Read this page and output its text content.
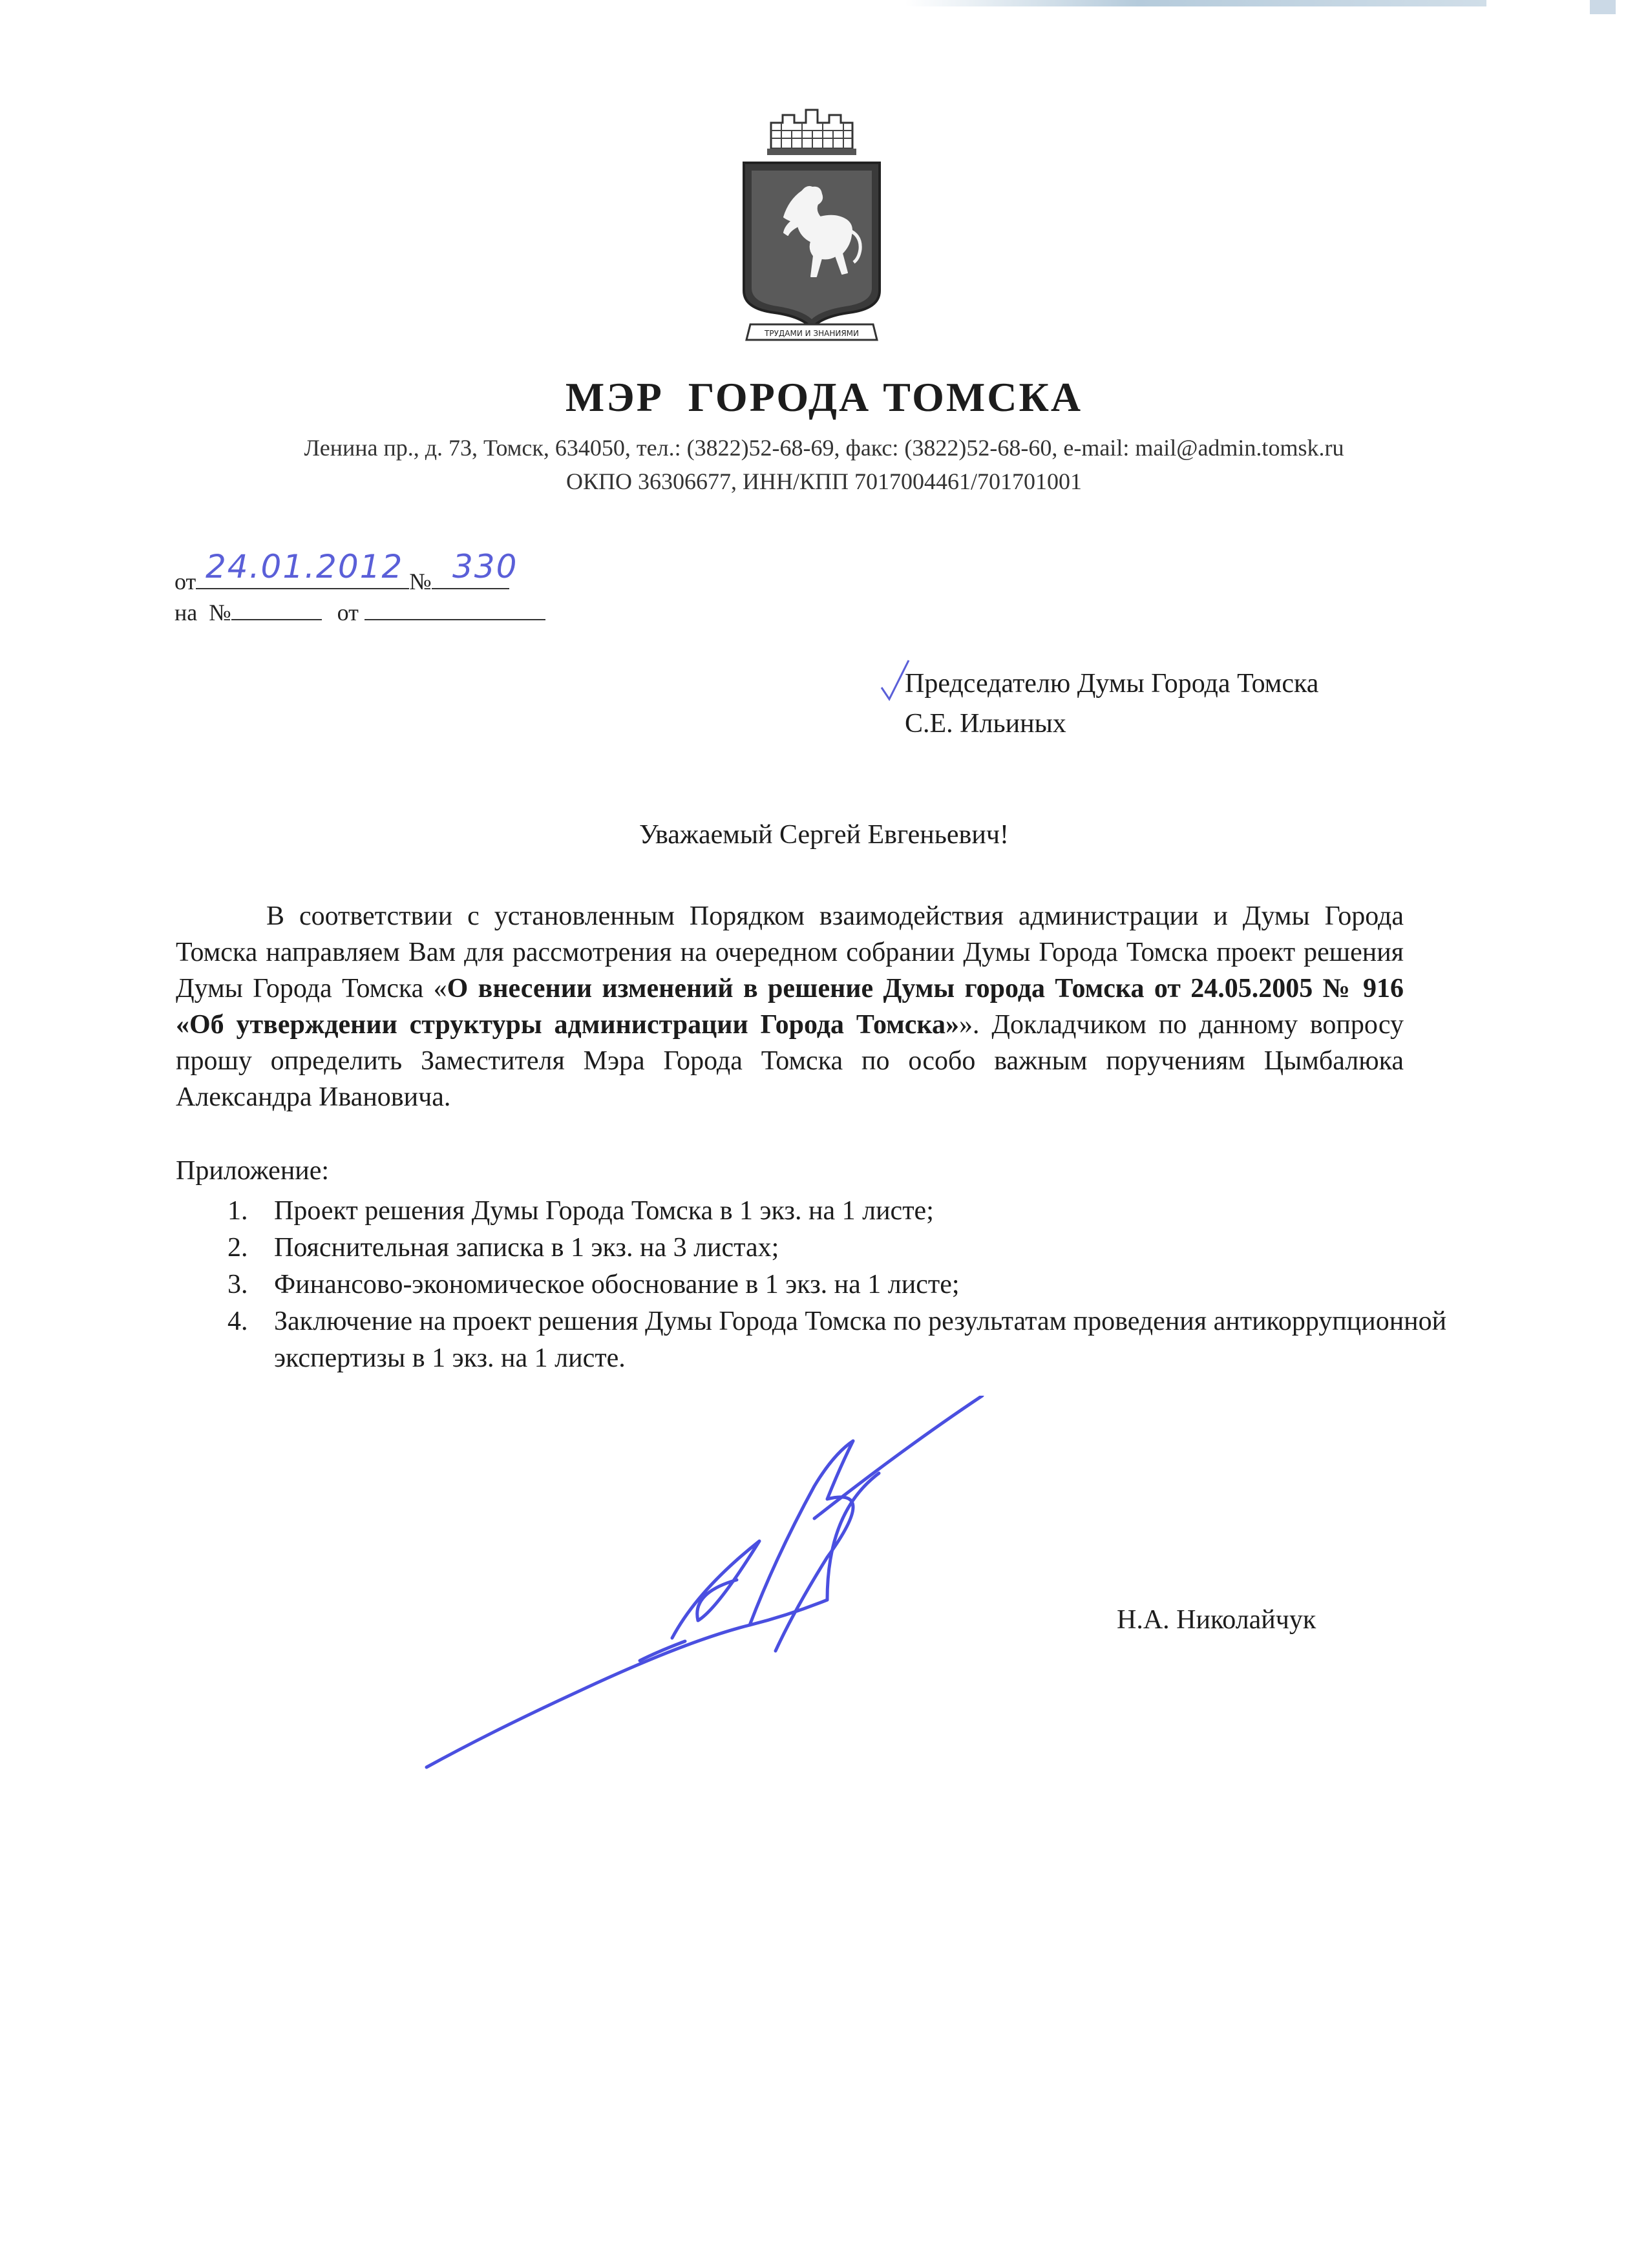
ТРУДАМИ И ЗНАНИЯМИ
МЭР  ГОРОДА ТОМСКА
Ленина пр., д. 73, Томск, 634050, тел.: (3822)52-68-69, факс: (3822)52-68-60, e-mail: mail@admin.tomsk.ru
ОКПО 36306677, ИНН/КПП 7017004461/701701001
от	№
24.01.2012 330
на  №	от
Председателю Думы Города Томска
С.Е. Ильиных
Уважаемый Сергей Евгеньевич!

В соответствии с установленным Порядком взаимодействия администрации и Думы Города Томска направляем Вам для рассмотрения на очередном собрании Думы Города Томска проект решения Думы Города Томска «О внесении изменений в решение Думы города Томска от 24.05.2005 № 916 «Об утверждении структуры администрации Города Томска»». Докладчиком по данному вопросу прошу определить Заместителя Мэра Города Томска по особо важным поручениям Цымбалюка Александра Ивановича.

Приложение:
1. Проект решения Думы Города Томска в 1 экз. на 1 листе;
2. Пояснительная записка в 1 экз. на 3 листах;
3. Финансово-экономическое обоснование в 1 экз. на 1 листе;
4. Заключение на проект решения Думы Города Томска по результатам проведения антикоррупционной экспертизы в 1 экз. на 1 листе.
Н.А. Николайчук
